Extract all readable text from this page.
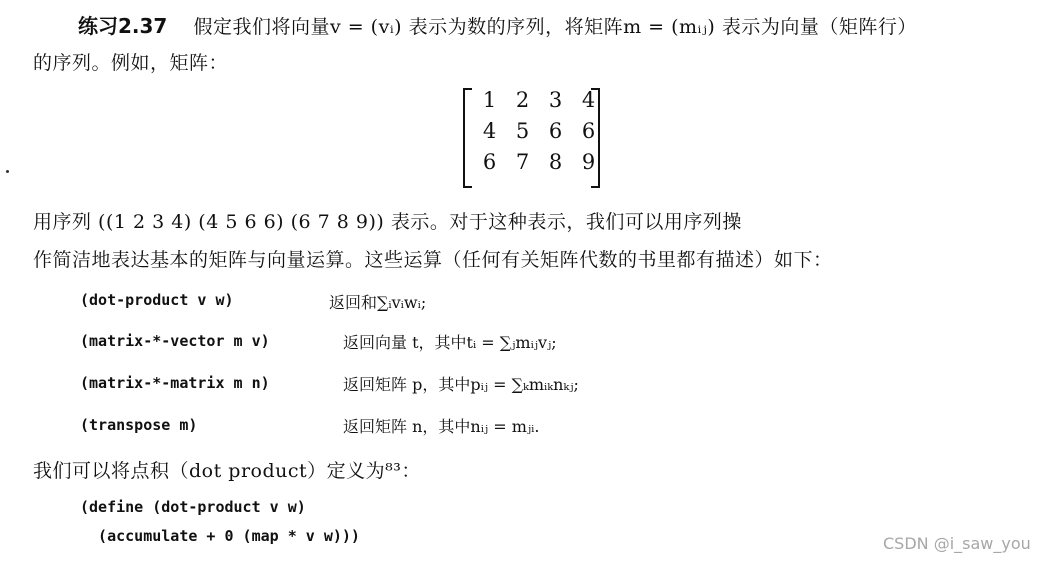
练习2.37 假定我们将向量v = (vᵢ) 表示为数的序列，将矩阵m = (mᵢⱼ) 表示为向量（矩阵行）
的序列。例如，矩阵：
1 2 3 4
4 5 6 6
6 7 8 9
用序列 ((1 2 3 4) (4 5 6 6) (6 7 8 9)) 表示。对于这种表示，我们可以用序列操
作简洁地表达基本的矩阵与向量运算。这些运算（任何有关矩阵代数的书里都有描述）如下：
(dot-product v w)	返回和∑ᵢvᵢwᵢ;
(matrix-*-vector m v)	返回向量 t，其中tᵢ = ∑ⱼmᵢⱼvⱼ;
(matrix-*-matrix m n)	返回矩阵 p，其中pᵢⱼ = ∑ₖmᵢₖnₖⱼ;
(transpose m)	返回矩阵 n，其中nᵢⱼ = mⱼᵢ.
我们可以将点积（dot product）定义为⁸³：
(define (dot-product v w)
(accumulate + 0 (map * v w)))	CSDN @i_saw_you
